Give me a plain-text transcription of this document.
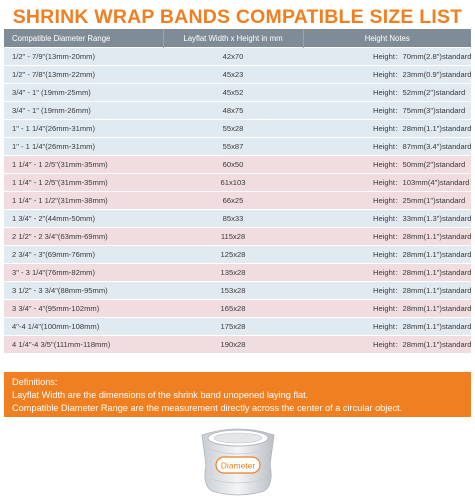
SHRINK WRAP BANDS COMPATIBLE SIZE LIST
Compatible Diameter Range	Layflat Width x Height in mm	Height Notes
1/2" - 7/9"(13mm-20mm)	42x70	Height：70mm(2.8")standard
1/2" - 7/8"(13mm-22mm)	45x23	Height：23mm(0.9")standard
3/4" - 1" (19mm-25mm)	45x52	Height：52mm(2")standard
3/4" - 1" (19mm-26mm)	48x75	Height：75mm(3")standard
1" - 1 1/4"(26mm-31mm)	55x28	Height：28mm(1.1")standard
1" - 1 1/4"(26mm-31mm)	55x87	Height：87mm(3.4")standard
1 1/4" - 1 2/5"(31mm-35mm)	60x50	Height：50mm(2")standard
1 1/4" - 1 2/5"(31mm-35mm)	61x103	Height：103mm(4")standard
1 1/4" - 1 1/2"(31mm-38mm)	66x25	Height：25mm(1")standard
1 3/4" - 2"(44mm-50mm)	85x33	Height：33mm(1.3")standard
2 1/2" - 2 3/4"(63mm-69mm)	115x28	Height：28mm(1.1")standard
2 3/4" - 3"(69mm-76mm)	125x28	Height：28mm(1.1")standard
3" - 3 1/4"(76mm-82mm)	135x28	Height：28mm(1.1")standard
3 1/2" - 3 3/4"(88mm-95mm)	153x28	Height：28mm(1.1")standard
3 3/4" - 4"(95mm-102mm)	165x28	Height：28mm(1.1")standard
4"-4 1/4"(100mm-108mm)	175x28	Height：28mm(1.1")standard
4 1/4"-4 3/5"(111mm-118mm)	190x28	Height：28mm(1.1")standard
Definitions:
Layflat Width are the dimensions of the shrink band unopened laying flat.
Compatible Diameter Range are the measurement directly across the center of a circular object.
Diameter
